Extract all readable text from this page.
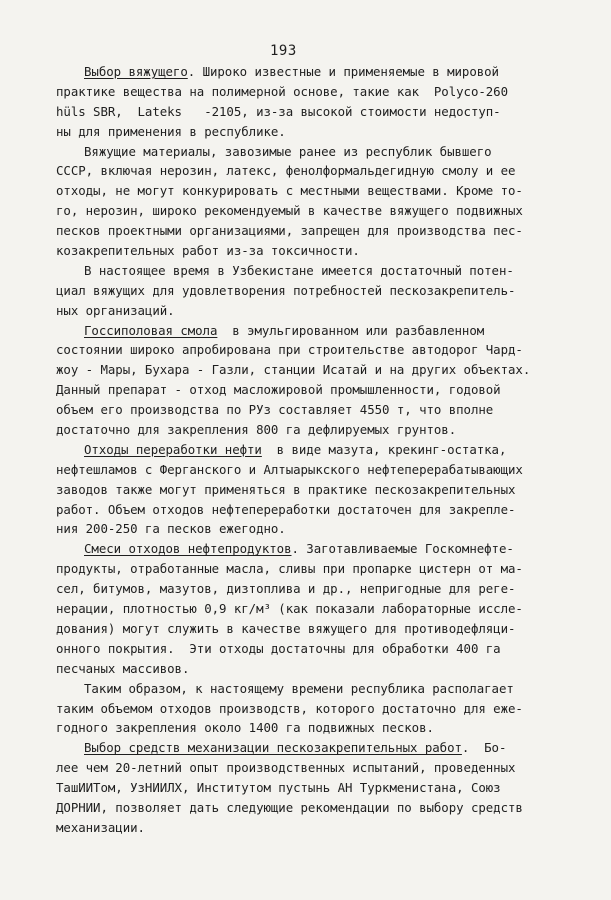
193
Выбор вяжущего. Широко известные и применяемые в мировой
практике вещества на полимерной основе, такие как  Polyco-260
hüls SBR,  Lateks   -2105, из-за высокой стоимости недоступ-
ны для применения в республике.
Вяжущие материалы, завозимые ранее из республик бывшего
СССР, включая нерозин, латекс, фенолформальдегидную смолу и ее
отходы, не могут конкурировать с местными веществами. Кроме то-
го, нерозин, широко рекомендуемый в качестве вяжущего подвижных
песков проектными организациями, запрещен для производства пес-
козакрепительных работ из-за токсичности.
В настоящее время в Узбекистане имеется достаточный потен-
циал вяжущих для удовлетворения потребностей пескозакрепитель-
ных организаций.
Госсиполовая смола  в эмульгированном или разбавленном
состоянии широко апробирована при строительстве автодорог Чард-
жоу - Мары, Бухара - Газли, станции Исатай и на других объектах.
Данный препарат - отход масложировой промышленности, годовой
объем его производства по РУз составляет 4550 т, что вполне
достаточно для закрепления 800 га дефлируемых грунтов.
Отходы переработки нефти  в виде мазута, крекинг-остатка,
нефтешламов с Ферганского и Алтыарыкского нефтеперерабатывающих
заводов также могут применяться в практике пескозакрепительных
работ. Объем отходов нефтепереработки достаточен для закрепле-
ния 200-250 га песков ежегодно.
Смеси отходов нефтепродуктов. Заготавливаемые Госкомнефте-
продукты, отработанные масла, сливы при пропарке цистерн от ма-
сел, битумов, мазутов, дизтоплива и др., непригодные для реге-
нерации, плотностью 0,9 кг/м³ (как показали лабораторные иссле-
дования) могут служить в качестве вяжущего для противодефляци-
онного покрытия.  Эти отходы достаточны для обработки 400 га
песчаных массивов.
Таким образом, к настоящему времени республика располагает
таким объемом отходов производств, которого достаточно для еже-
годного закрепления около 1400 га подвижных песков.
Выбор средств механизации пескозакрепительных работ.  Бо-
лее чем 20-летний опыт производственных испытаний, проведенных
ТашИИТом, УзНИИЛХ, Институтом пустынь АН Туркменистана, Союз
ДОРНИИ, позволяет дать следующие рекомендации по выбору средств
механизации.
